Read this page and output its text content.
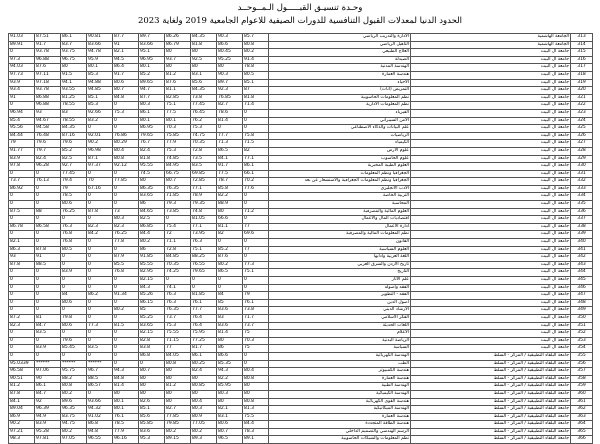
وحـدة تنسيـق القبـــــول الـمــوحــد
الحدود الدنيا لمعدلات القبول التنافسية للدورات الصيفية للاعوام الجامعية 2019 ولغاية 2023
91.03	87.51	86.1	90.81	87.7	89.7	86.26	84.35	90.3	85.7	الادارة والتدريب الرياضي	الجامعة الهاشمية	313
89.91	91.7	83.7	83.66	91	83.66	86.79	81.8	86.6	80.8	التأهيل الرياضي	الجامعة الهاشمية	314
0	93.78	93.75	94.78	82.1	95.1	80	80	80.45	80.2	العلاج الطبيعي	جامعة آل البيت	315
97.3	96.88	96.75	95.9	94.5	96.95	93.7	92.5	95.25	91.4	الصيدلة	جامعة آل البيت	316
94.03	87.6	80	80.1	86.4	80.1	80	80	80	78.8	الهندسة المدنية	جامعة آل البيت	317
97.73	97.11	91.5	85.3	91.7	85.2	81.2	83.1	90.3	80.5	هندسة العمارة	جامعة آل البيت	318
93.9	97.18	94.1	94.88	80.6	89.65	87.6	85.6	89.7	85.1	الاحياء	جامعة آل البيت	319
93.4	93.78	93.55	94.85	80.7	94.7	81.1	84.35	92.3	87	التمريض (اناث)	جامعة آل البيت	320
91	86.88	81.25	85.1	84.8	87.7	82.85	73.8	76.85	81.8	نظم المعلومات الحاسوبية	جامعة آل البيت	321
0	96.88	78.55	85.3	0	80.3	75.1	77.45	82.7	71.4	نظم المعلومات الادارية	جامعة آل البيت	322
96.94	93	83	92.66	75.3	86.1	77.5	76.45	78.6	0	الفيزياء	جامعة آل البيت	323
85.4	94.67	78.55	83.2	0	80.1	80.1	76.2	81.4	0	الامن السيبراني	جامعة آل البيت	324
95.56	94.58	84.35	0	0	86.95	70.3	75.3	0	0	علم البيانات والذكاء الاصطناعي	جامعة آل البيت	325
84.44	76.48	87.16	92.01	76.86	79.65	75.85	74.75	77.7	75.8	الرياضيات	جامعة آل البيت	326
79	79.6	79.6	90.2	80.29	76.7	77.9	70.35	71.3	71.5	الكيمياء	جامعة آل البيت	327
91.77	79.7	85.2	96.98	80.4	82.4	75.3	72.8	86.5	82	علوم الارض	جامعة آل البيت	328
83.9	82.4	82.5	87.1	80.8	81.8	74.85	73.5	84.1	77.1	علوم الحاسوب	جامعة آل البيت	329
97.8	96.28	92.7	97.37	92.12	95.55	84.95	83.5	91.7	86.1	العلوم الطبية المخبرية	جامعة آل البيت	330
0	0	77.45	0	0	74.5	66.75	69.85	77.5	66.1	الجغرافيا ونظم المعلومات	جامعة آل البيت	331
73.7	76.13	79.4	70	77.85	80	80.7	72.85	78.7	70.2	الجغرافيا ونظم المعلومات الجغرافية والاستشعار عن بعد	جامعة آل البيت	332
86.92	0	79	67.16	0	86.35	76.35	77.1	85.8	77.6	الادب الانجليزي	جامعة آل البيت	333
0	0	78.5	0	0	83.65	71.85	78.9	82.2	0	التربية الخاصة	جامعة آل البيت	334
0	0	80.6	0	0	86	79.3	79.35	88.9	0	المحاسبة	جامعة آل البيت	335
87.5	88	76.25	87.8	73	84.65	73.85	74.8	80	71.2	العلوم المالية والمصرفية	جامعة آل البيت	336
0	0	0	0	80.3	82.5	0	81.05	66.6	0	اقتصاديات المال والاعمال	جامعة آل البيت	337
86.78	86.58	76.3	82.3	82.3	86.85	75.4	77.1	81.1	77	ادارة الاعمال	جامعة آل البيت	338
0	0	76.8	84.2	76.25	84.4	72	73.95	82	69.6	نظم المعلومات المالية والمصرفية	جامعة آل البيت	339
82.1	0	76.8	0	77.8	80.2	71.1	76.3	0	0	القانون	جامعة آل البيت	340
86.3	87.8	80.5	0	0	86	72.8	75.1	85.2	77	العلوم السياسية	جامعة آل البيت	341
93	91	0	0	87.9	91.85	84.85	88.25	87.6	0	اللغة العربية وادابها	جامعة آل البيت	342
87.8	88.5	0	0	85.5	85.55	70.35	76.55	80.2	77.3	تاريخ الاردن والشرق العربي	جامعة آل البيت	343
0	0	83.9	0	76.8	82.95	74.25	79.65	86.5	75.1	التاريخ	جامعة آل البيت	344
0	0	0	0	0	82.15	0	0	0	0	علم الاثار	جامعة آل البيت	345
0	0	0	0	0	84.3	74.1	0	0	0	الفقه واصوله	جامعة آل البيت	346
0	0	84	86.2	91.34	85.26	76.3	81.85	84	79	الفقه - التطوير	جامعة آل البيت	347
0	0	80.6	0	0	86.15	76.3	76.1	85	76.1	اصول الدين	جامعة آل البيت	348
0	0	0	0	80.2	85	76.35	77.7	83.6	73.8	الارشاد الديني	جامعة آل البيت	349
87.2	81	79.8	0	0	85.25	73.7	76.4	83	71.7	الفكر الاسلامي	جامعة آل البيت	350
82.3	84.7	80.6	77.3	81.5	83.65	75.3	76.4	83.6	73.7	اللغات الحديثة	جامعة آل البيت	351
0	83.5	0	0	0	82.15	75.55	75.95	81.4	75	الاعلام	جامعة آل البيت	352
0	0	79.6	0	0	82.8	71.15	77.25	80	70.3	الرياضة البدنية	جامعة آل البيت	353
0	83.9	85.45	83.5	0	83.8	77	81.7	86	75	السياسة	جامعة آل البيت	354
0	0	0	0	0	86.8	84.05	86.1	86.6	0	الهندسة الكهربائية	جامعة البلقاء التطبيقية / المركز - السلط	355
95.0339	******	******	******	0	0	80.8	80.25	85.35	0	الطب	جامعة البلقاء التطبيقية / المركز - السلط	356
96.58	97.06	95.75	96.7	94.3	80.7	80	82.4	94.3	80.4	هندسة الكمبيوتر	جامعة البلقاء التطبيقية / المركز - السلط	357
90.51	90	88.2	88.5	84.8	80	80	80	82.2	80.8	هندسة العمارة	جامعة البلقاء التطبيقية / المركز - السلط	358
81.2	86.1	80.8	86.57	81.4	80	81.2	80.85	85.95	80	الهندسة الطبية	جامعة البلقاء التطبيقية / المركز - السلط	359
87.8	84.7	80.2	0	80	80	80	80	80.3	80	الهندسة الكيميائية	جامعة البلقاء التطبيقية / المركز - السلط	360
84.1	92	89.6	93.66	80.1	82.6	80	80.4	80	80.8	هندسة القوى الكهربائية	جامعة البلقاء التطبيقية / المركز - السلط	361
89.04	96.39	96.35	94.32	80.1	85.1	82.7	80.3	82.1	81.3	الهندسة الميكانيكية	جامعة البلقاء التطبيقية / المركز - السلط	362
86.9	94.9	83.75	91.02	76.1	85.6	77.85	80.9	83.1	75.5	هندسة العمارة	جامعة البلقاء التطبيقية / المركز - السلط	363
90.2	83.9	94.75	86.8	78.5	85.85	79.85	77.05	80.6	84.4	هندسة الطاقة المتجددة	جامعة البلقاء التطبيقية / المركز - السلط	364
97.21	95.28	80.2	94.8	77.9	83.6	80.2	80.2	80.7	78.3	الرسم الهندسي والتصميم الداخلي	جامعة البلقاء التطبيقية / المركز - السلط	365
98.3	97.81	97.05	96.55	96.16	95.3	89.15	89.3	96.5	89.1	نظم المعلومات والشبكات الحاسوبية	جامعة البلقاء التطبيقية / المركز - السلط	366
